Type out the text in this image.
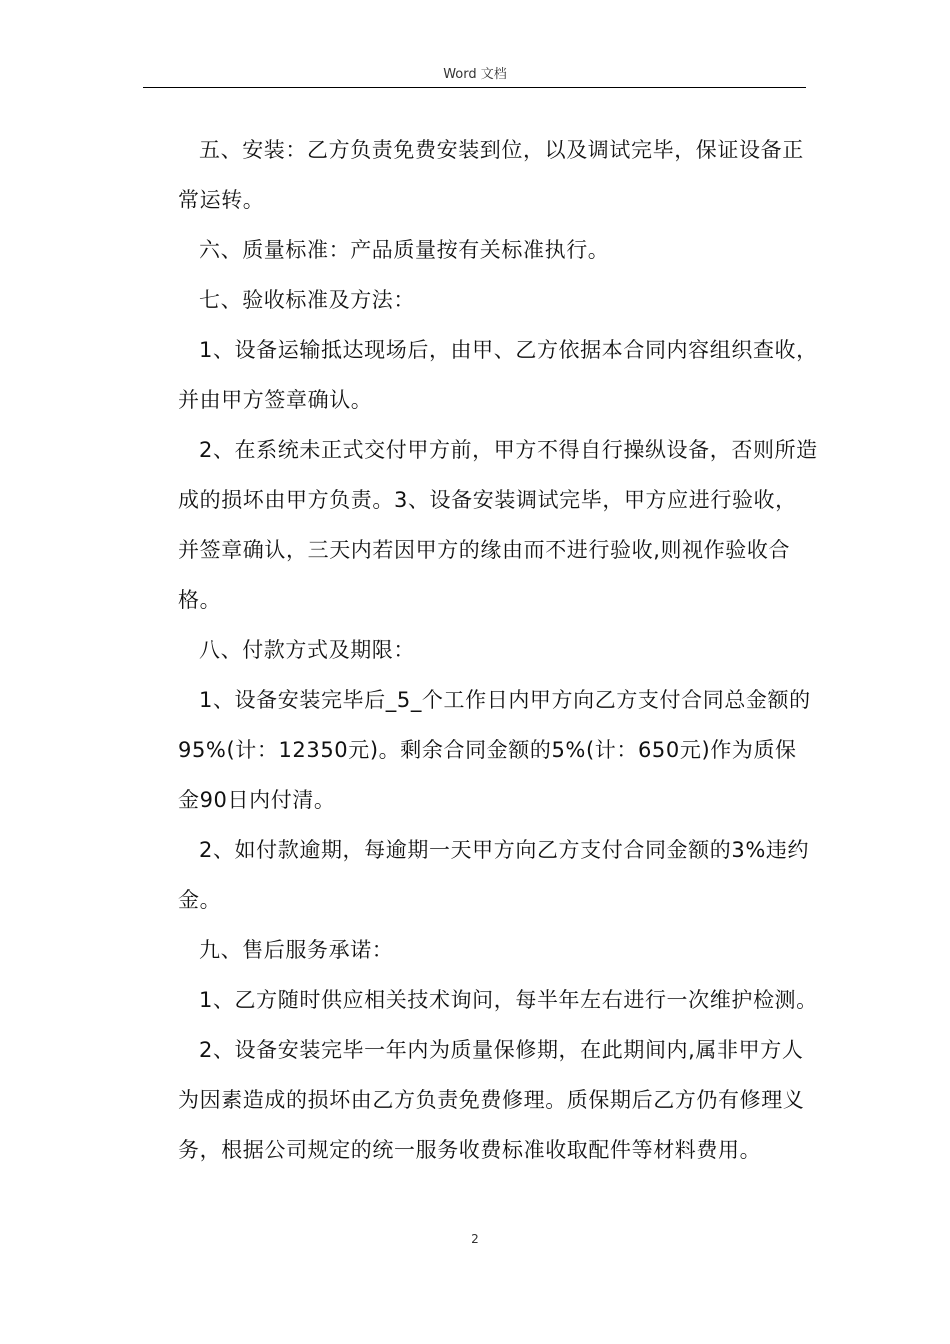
Word 文档

五、安装：乙方负责免费安装到位，以及调试完毕，保证设备正常运转。

六、质量标准：产品质量按有关标准执行。

七、验收标准及方法：

1、设备运输抵达现场后，由甲、乙方依据本合同内容组织查收，并由甲方签章确认。

2、在系统未正式交付甲方前，甲方不得自行操纵设备，否则所造成的损坏由甲方负责。3、设备安装调试完毕，甲方应进行验收，并签章确认，三天内若因甲方的缘由而不进行验收,则视作验收合格。

八、付款方式及期限：

1、设备安装完毕后_5_个工作日内甲方向乙方支付合同总金额的95%(计：12350元)。剩余合同金额的5%(计：650元)作为质保金90日内付清。

2、如付款逾期，每逾期一天甲方向乙方支付合同金额的3%违约金。

九、售后服务承诺：

1、乙方随时供应相关技术询问，每半年左右进行一次维护检测。

2、设备安装完毕一年内为质量保修期，在此期间内,属非甲方人为因素造成的损坏由乙方负责免费修理。质保期后乙方仍有修理义务，根据公司规定的统一服务收费标准收取配件等材料费用。

2
